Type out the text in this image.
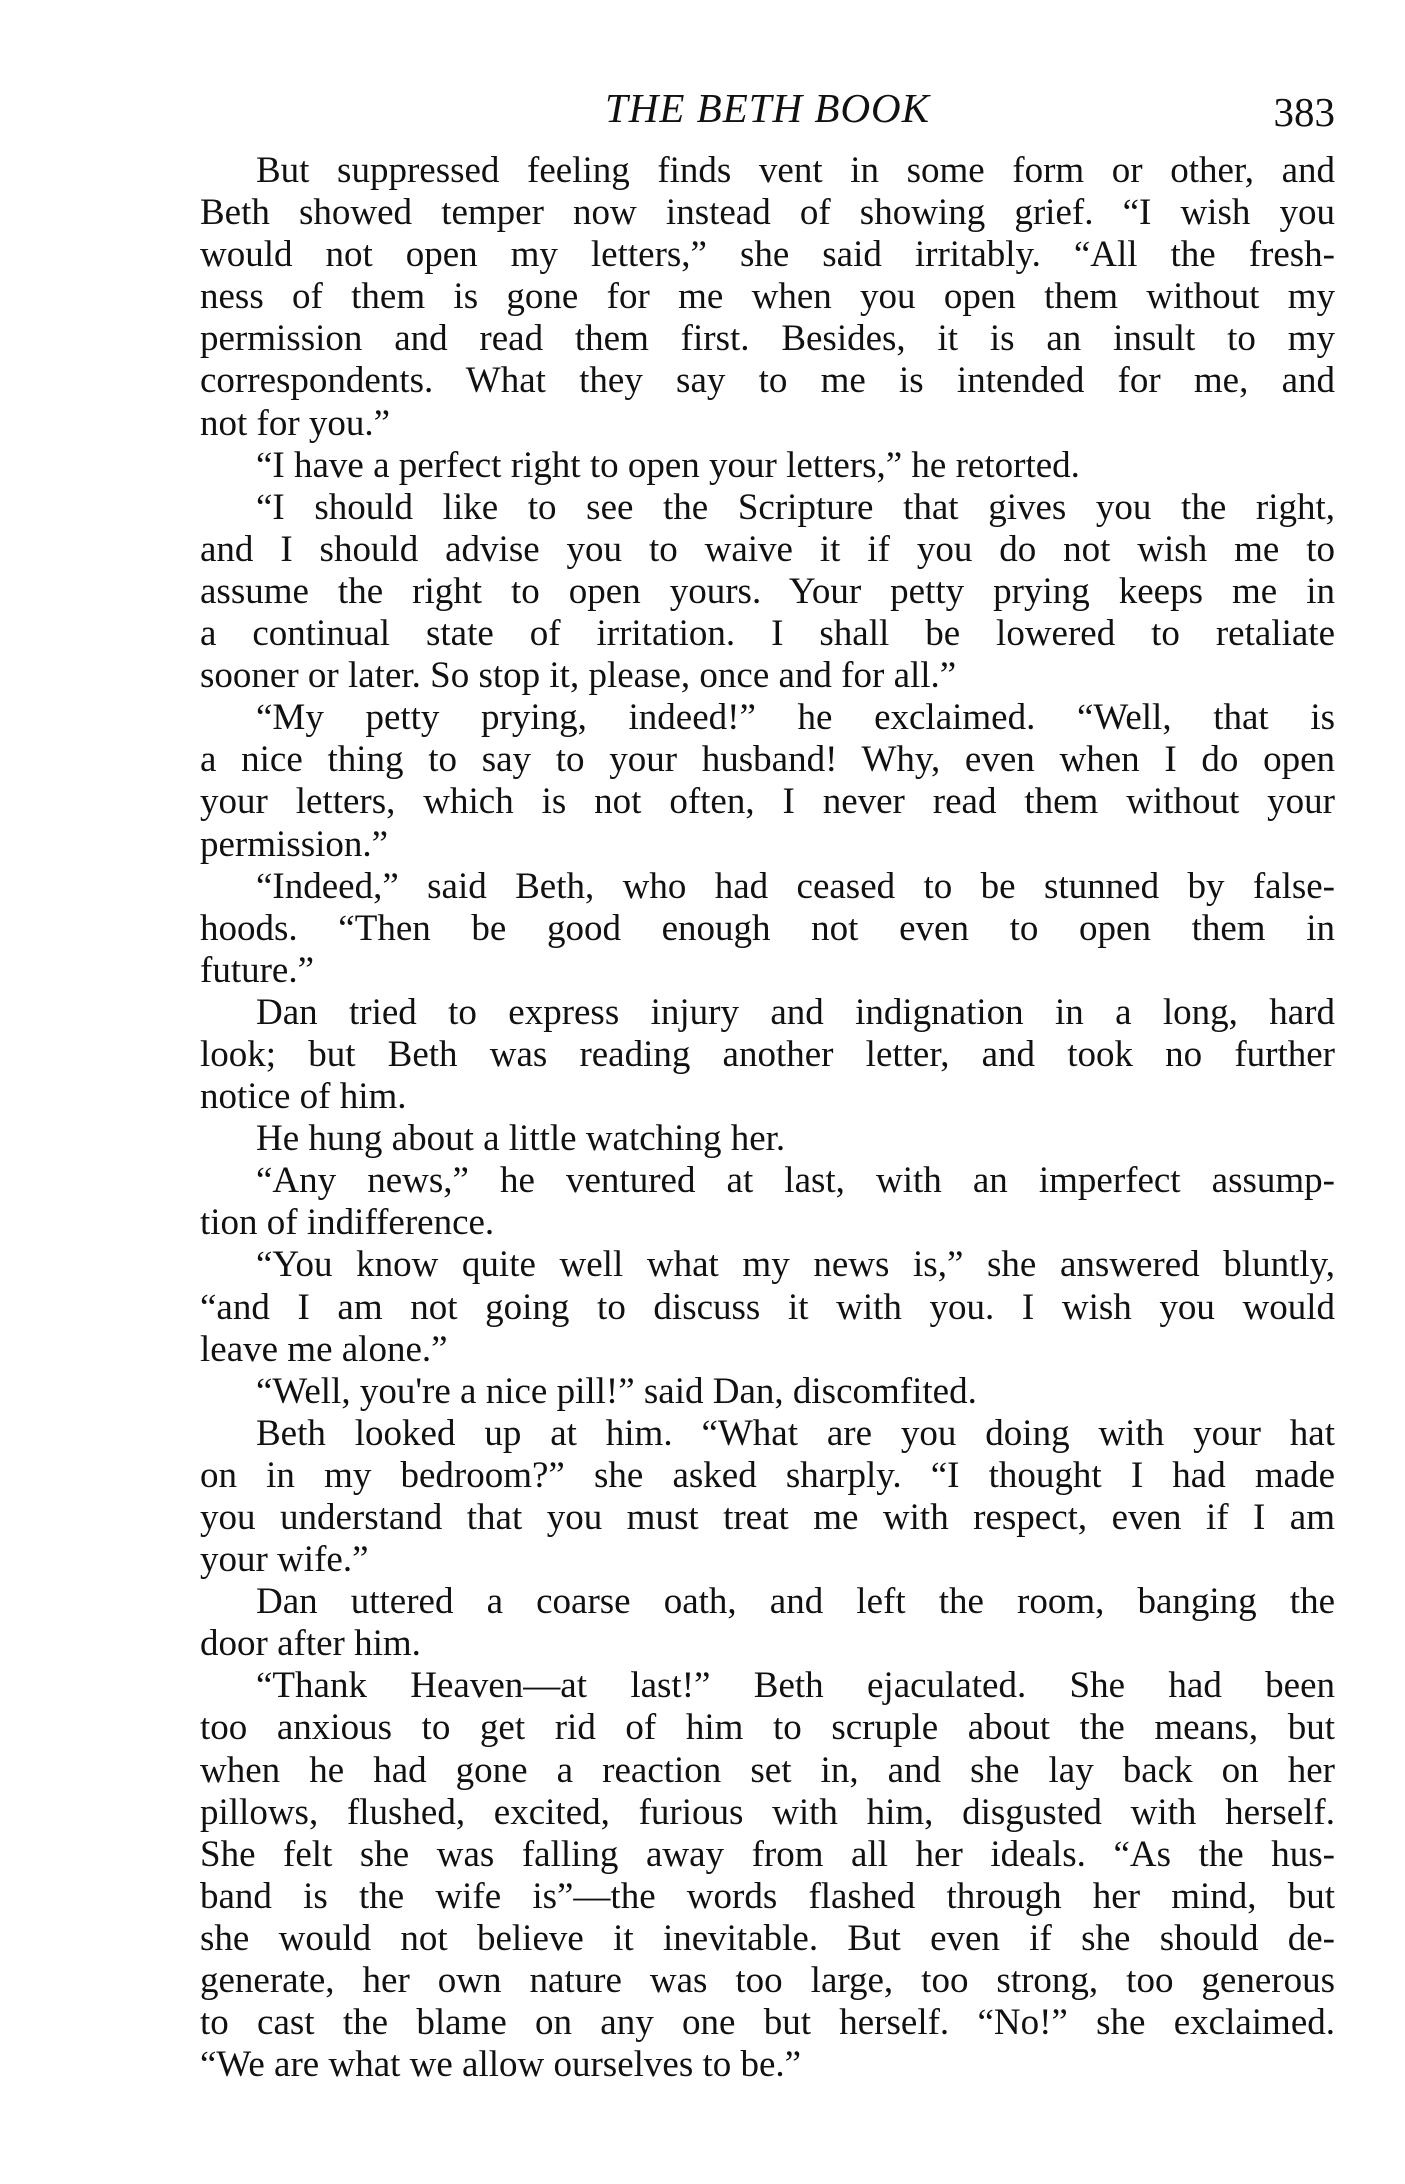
THE BETH BOOK	383
But suppressed feeling finds vent in some form or other, and
Beth showed temper now instead of showing grief. “I wish you
would not open my letters,” she said irritably. “All the fresh-
ness of them is gone for me when you open them without my
permission and read them first. Besides, it is an insult to my
correspondents. What they say to me is intended for me, and
not for you.”
“I have a perfect right to open your letters,” he retorted.
“I should like to see the Scripture that gives you the right,
and I should advise you to waive it if you do not wish me to
assume the right to open yours. Your petty prying keeps me in
a continual state of irritation. I shall be lowered to retaliate
sooner or later. So stop it, please, once and for all.”
“My petty prying, indeed!” he exclaimed. “Well, that is
a nice thing to say to your husband! Why, even when I do open
your letters, which is not often, I never read them without your
permission.”
“Indeed,” said Beth, who had ceased to be stunned by false-
hoods. “Then be good enough not even to open them in
future.”
Dan tried to express injury and indignation in a long, hard
look; but Beth was reading another letter, and took no further
notice of him.
He hung about a little watching her.
“Any news,” he ventured at last, with an imperfect assump-
tion of indifference.
“You know quite well what my news is,” she answered bluntly,
“and I am not going to discuss it with you. I wish you would
leave me alone.”
“Well, you're a nice pill!” said Dan, discomfited.
Beth looked up at him. “What are you doing with your hat
on in my bedroom?” she asked sharply. “I thought I had made
you understand that you must treat me with respect, even if I am
your wife.”
Dan uttered a coarse oath, and left the room, banging the
door after him.
“Thank Heaven—at last!” Beth ejaculated. She had been
too anxious to get rid of him to scruple about the means, but
when he had gone a reaction set in, and she lay back on her
pillows, flushed, excited, furious with him, disgusted with herself.
She felt she was falling away from all her ideals. “As the hus-
band is the wife is”—the words flashed through her mind, but
she would not believe it inevitable. But even if she should de-
generate, her own nature was too large, too strong, too generous
to cast the blame on any one but herself. “No!” she exclaimed.
“We are what we allow ourselves to be.”
